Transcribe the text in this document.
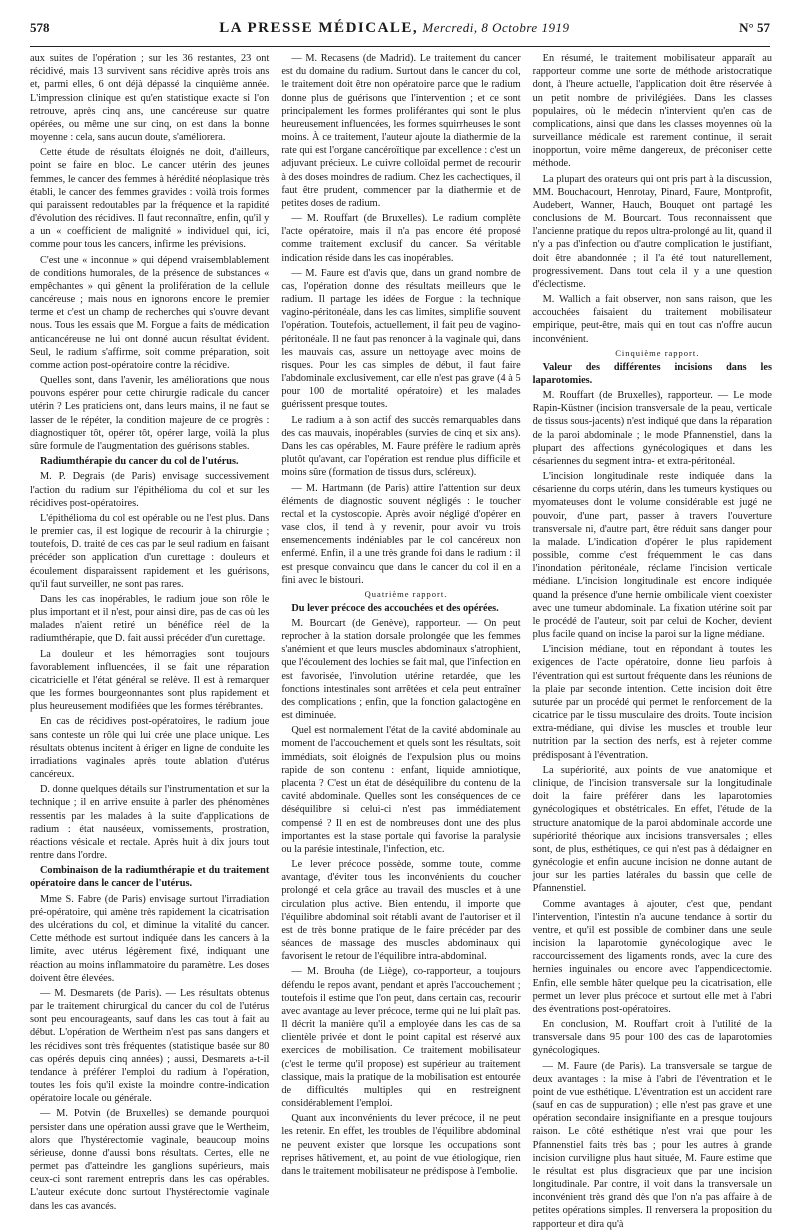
578	LA PRESSE MÉDICALE, Mercredi, 8 Octobre 1919	N° 57

aux suites de l'opération ; sur les 36 restantes, 23 ont récidivé, mais 13 survivent sans récidive après trois ans et, parmi elles, 6 ont déjà dépassé la cinquième année. L'impression clinique est qu'en statistique exacte si l'on retrouve, après cinq ans, une cancéreuse sur quatre opérées, ou même une sur cinq, on est dans la bonne moyenne : cela, sans aucun doute, s'améliorera.

Cette étude de résultats éloignés ne doit, d'ailleurs, point se faire en bloc. Le cancer utérin des jeunes femmes, le cancer des femmes à hérédité néoplasique très établi, le cancer des femmes gravides : voilà trois formes qui paraissent redoutables par la fréquence et la rapidité d'évolution des récidives. Il faut reconnaître, enfin, qu'il y a un « coefficient de malignité » individuel qui, ici, comme pour tous les cancers, infirme les prévisions.

C'est une « inconnue » qui dépend vraisemblablement de conditions humorales, de la présence de substances « empêchantes » qui gênent la prolifération de la cellule cancéreuse ; mais nous en ignorons encore le premier terme et c'est un champ de recherches qui s'ouvre devant nous. Tous les essais que M. Forgue a faits de médication anticancéreuse ne lui ont donné aucun résultat évident. Seul, le radium s'affirme, soit comme préparation, soit comme action post-opératoire contre la récidive.

Quelles sont, dans l'avenir, les améliorations que nous pouvons espérer pour cette chirurgie radicale du cancer utérin ? Les praticiens ont, dans leurs mains, il ne faut se lasser de le répéter, la condition majeure de ce progrès : diagnostiquer tôt, opérer tôt, opérer large, voilà la plus sûre formule de l'augmentation des guérisons stables.

Radiumthérapie du cancer du col de l'utérus.

M. P. Degrais (de Paris) envisage successivement l'action du radium sur l'épithélioma du col et sur les récidives post-opératoires.

L'épithélioma du col est opérable ou ne l'est plus. Dans le premier cas, il est logique de recourir à la chirurgie ; toutefois, D. traité de ces cas par le seul radium en faisant précéder son application d'un curettage : douleurs et écoulement disparaissent rapidement et les guérisons, qu'il faut surveiller, ne sont pas rares.

Dans les cas inopérables, le radium joue son rôle le plus important et il n'est, pour ainsi dire, pas de cas où les malades n'aient retiré un bénéfice réel de la radiumthérapie, que D. fait aussi précéder d'un curettage.

La douleur et les hémorragies sont toujours favorablement influencées, il se fait une réparation cicatricielle et l'état général se relève. Il est à remarquer que les formes bourgeonnantes sont plus rapidement et plus heureusement modifiées que les formes térébrantes.

En cas de récidives post-opératoires, le radium joue sans conteste un rôle qui lui crée une place unique. Les résultats obtenus incitent à ériger en ligne de conduite les irradiations vaginales après toute ablation d'utérus cancéreux.

D. donne quelques détails sur l'instrumentation et sur la technique ; il en arrive ensuite à parler des phénomènes ressentis par les malades à la suite d'applications de radium : état nauséeux, vomissements, prostration, réactions vésicale et rectale. Après huit à dix jours tout rentre dans l'ordre.

Combinaison de la radiumthérapie et du traitement opératoire dans le cancer de l'utérus.

Mme S. Fabre (de Paris) envisage surtout l'irradiation pré-opératoire, qui amène très rapidement la cicatrisation des ulcérations du col, et diminue la vitalité du cancer. Cette méthode est surtout indiquée dans les cancers à la limite, avec utérus légèrement fixé, indiquant une réaction au moins inflammatoire du paramètre. Les doses doivent être élevées.

— M. Desmarets (de Paris). — Les résultats obtenus par le traitement chirurgical du cancer du col de l'utérus sont peu encourageants, sauf dans les cas tout à fait au début. L'opération de Wertheim n'est pas sans dangers et les récidives sont très fréquentes (statistique basée sur 80 cas opérés depuis cinq années) ; aussi, Desmarets a-t-il tendance à préférer l'emploi du radium à l'opération, toutes les fois qu'il existe la moindre contre-indication opératoire locale ou générale.

— M. Potvin (de Bruxelles) se demande pourquoi persister dans une opération aussi grave que le Wertheim, alors que l'hystérectomie vaginale, beaucoup moins sérieuse, donne d'aussi bons résultats. Certes, elle ne permet pas d'atteindre les ganglions supérieurs, mais ceux-ci sont rarement entrepris dans les cas opérables. L'auteur exécute donc surtout l'hystérectomie vaginale dans les cas avancés.

— M. Recasens (de Madrid). Le traitement du cancer est du domaine du radium. Surtout dans le cancer du col, le traitement doit être non opératoire parce que le radium donne plus de guérisons que l'intervention ; et ce sont principalement les formes proliférantes qui sont le plus heureusement influencées, les formes squirrheuses le sont moins. À ce traitement, l'auteur ajoute la diathermie de la rate qui est l'organe cancéroïtique par excellence : c'est un adjuvant précieux. Le cuivre colloïdal permet de recourir à des doses moindres de radium. Chez les cachectiques, il faut être prudent, commencer par la diathermie et de petites doses de radium.

— M. Rouffart (de Bruxelles). Le radium complète l'acte opératoire, mais il n'a pas encore été proposé comme traitement exclusif du cancer. Sa véritable indication réside dans les cas inopérables.

— M. Faure est d'avis que, dans un grand nombre de cas, l'opération donne des résultats meilleurs que le radium. Il partage les idées de Forgue : la technique vagino-péritonéale, dans les cas limites, simplifie souvent l'opération. Toutefois, actuellement, il fait peu de vagino-péritonéale. Il ne faut pas renoncer à la vaginale qui, dans les mauvais cas, assure un nettoyage avec moins de risques. Pour les cas simples de début, il faut faire l'abdominale exclusivement, car elle n'est pas grave (4 à 5 pour 100 de mortalité opératoire) et les malades guérissent presque toutes.

Le radium a à son actif des succès remarquables dans des cas mauvais, inopérables (survies de cinq et six ans). Dans les cas opérables, M. Faure préfère le radium après plutôt qu'avant, car l'opération est rendue plus difficile et moins sûre (formation de tissus durs, scléreux).

— M. Hartmann (de Paris) attire l'attention sur deux éléments de diagnostic souvent négligés : le toucher rectal et la cystoscopie. Après avoir négligé d'opérer en vase clos, il tend à y revenir, pour avoir vu trois ensemencements indéniables par le col cancéreux non enfermé. Enfin, il a une très grande foi dans le radium : il est presque convaincu que dans le cancer du col il en a fini avec le bistouri.

Quatrième rapport.

Du lever précoce des accouchées et des opérées.

M. Bourcart (de Genève), rapporteur. — On peut reprocher à la station dorsale prolongée que les femmes s'anémient et que leurs muscles abdominaux s'atrophient, que l'écoulement des lochies se fait mal, que l'infection en est favorisée, l'involution utérine retardée, que les fonctions intestinales sont arrêtées et cela peut entraîner des complications ; enfin, que la fonction galactogène en est diminuée.

Quel est normalement l'état de la cavité abdominale au moment de l'accouchement et quels sont les résultats, soit immédiats, soit éloignés de l'expulsion plus ou moins rapide de son contenu : enfant, liquide amniotique, placenta ? C'est un état de déséquilibre du contenu de la cavité abdominale. Quelles sont les conséquences de ce déséquilibre si celui-ci n'est pas immédiatement compensé ? Il en est de nombreuses dont une des plus importantes est la stase portale qui favorise la paralysie ou la parésie intestinale, l'infection, etc.

Le lever précoce possède, somme toute, comme avantage, d'éviter tous les inconvénients du coucher prolongé et cela grâce au travail des muscles et à une circulation plus active. Bien entendu, il importe que l'équilibre abdominal soit rétabli avant de l'autoriser et il est de très bonne pratique de le faire précéder par des séances de massage des muscles abdominaux qui favorisent le retour de l'équilibre intra-abdominal.

— M. Brouha (de Liège), co-rapporteur, a toujours défendu le repos avant, pendant et après l'accouchement ; toutefois il estime que l'on peut, dans certain cas, recourir avec avantage au lever précoce, terme qui ne lui plaît pas. Il décrit la manière qu'il a employée dans les cas de sa clientèle privée et dont le point capital est réservé aux exercices de mobilisation. Ce traitement mobilisateur (c'est le terme qu'il propose) est supérieur au traitement classique, mais la pratique de la mobilisation est entourée de difficultés multiples qui en restreignent considérablement l'emploi.

Quant aux inconvénients du lever précoce, il ne peut les retenir. En effet, les troubles de l'équilibre abdominal ne peuvent exister que lorsque les occupations sont reprises hâtivement, et, au point de vue étiologique, rien dans le traitement mobilisateur ne prédispose à l'embolie.

En résumé, le traitement mobilisateur apparaît au rapporteur comme une sorte de méthode aristocratique dont, à l'heure actuelle, l'application doit être réservée à un petit nombre de privilégiées. Dans les classes populaires, où le médecin n'intervient qu'en cas de complications, ainsi que dans les classes moyennes où la surveillance médicale est rarement continue, il serait inopportun, voire même dangereux, de préconiser cette méthode.

La plupart des orateurs qui ont pris part à la discussion, MM. Bouchacourt, Henrotay, Pinard, Faure, Montprofit, Audebert, Wanner, Hauch, Bouquet ont partagé les conclusions de M. Bourcart. Tous reconnaissent que l'ancienne pratique du repos ultra-prolongé au lit, quand il n'y a pas d'infection ou d'autre complication le justifiant, doit être abandonnée ; il l'a été tout naturellement, progressivement. Dans tout cela il y a une question d'éclectisme.

M. Wallich a fait observer, non sans raison, que les accouchées faisaient du traitement mobilisateur empirique, peut-être, mais qui en tout cas n'offre aucun inconvénient.

Cinquième rapport.

Valeur des différentes incisions dans les laparotomies.

M. Rouffart (de Bruxelles), rapporteur. — Le mode Rapin-Küstner (incision transversale de la peau, verticale de tissus sous-jacents) n'est indiqué que dans la réparation de la paroi abdominale ; le mode Pfannenstiel, dans la plupart des affections gynécologiques et dans les césariennes du segment intra- et extra-péritonéal.

L'incision longitudinale reste indiquée dans la césarienne du corps utérin, dans les tumeurs kystiques ou myomateuses dont le volume considérable est jugé ne pouvoir, d'une part, passer à travers l'ouverture transversale ni, d'autre part, être réduit sans danger pour la malade. L'indication d'opérer le plus rapidement possible, comme c'est fréquemment le cas dans l'inondation péritonéale, réclame l'incision verticale médiane. L'incision longitudinale est encore indiquée quand la présence d'une hernie ombilicale vient coexister avec une tumeur abdominale. La fixation utérine soit par le procédé de l'auteur, soit par celui de Kocher, devient plus facile quand on incise la paroi sur la ligne médiane.

L'incision médiane, tout en répondant à toutes les exigences de l'acte opératoire, donne lieu parfois à l'éventration qui est surtout fréquente dans les réunions de la plaie par seconde intention. Cette incision doit être suturée par un procédé qui permet le renforcement de la cicatrice par le tissu musculaire des droits. Toute incision extra-médiane, qui divise les muscles et trouble leur nutrition par la section des nerfs, est à rejeter comme prédisposant à l'éventration.

La supériorité, aux points de vue anatomique et clinique, de l'incision transversale sur la longitudinale doit la faire préférer dans les laparotomies gynécologiques et obstétricales. En effet, l'étude de la structure anatomique de la paroi abdominale accorde une supériorité théorique aux incisions transversales ; elles sont, de plus, esthétiques, ce qui n'est pas à dédaigner en gynécologie et enfin aucune incision ne donne autant de jour sur les parties latérales du bassin que celle de Pfannenstiel.

Comme avantages à ajouter, c'est que, pendant l'intervention, l'intestin n'a aucune tendance à sortir du ventre, et qu'il est possible de combiner dans une seule incision la laparotomie gynécologique avec le raccourcissement des ligaments ronds, avec la cure des hernies inguinales ou encore avec l'appendicectomie. Enfin, elle semble hâter quelque peu la cicatrisation, elle permet un lever plus précoce et surtout elle met à l'abri des éventrations post-opératoires.

En conclusion, M. Rouffart croit à l'utilité de la transversale dans 95 pour 100 des cas de laparotomies gynécologiques.

— M. Faure (de Paris). La transversale se targue de deux avantages : la mise à l'abri de l'éventration et le point de vue esthétique. L'éventration est un accident rare (sauf en cas de suppuration) ; elle n'est pas grave et une opération secondaire insignifiante en a presque toujours raison. Le côté esthétique n'est vrai que pour les Pfannenstiel faits très bas ; pour les autres à grande incision curviligne plus haut située, M. Faure estime que le résultat est plus disgracieux que par une incision longitudinale. Par contre, il voit dans la transversale un inconvénient très grand dès que l'on n'a pas affaire à de petites opérations simples. Il renversera la proposition du rapporteur et dira qu'à
